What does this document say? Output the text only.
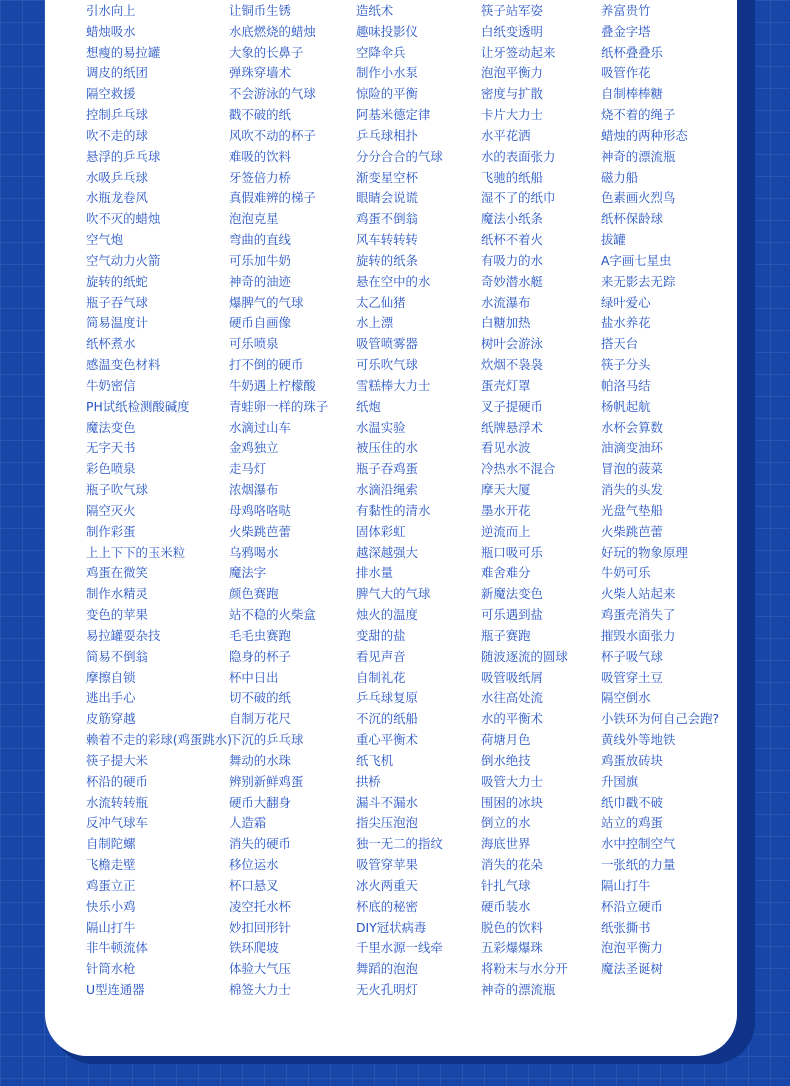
引水向上
蜡烛吸水
想瘦的易拉罐
调皮的纸团
隔空救援
控制乒乓球
吹不走的球
悬浮的乒乓球
水吸乒乓球
水瓶龙卷风
吹不灭的蜡烛
空气炮
空气动力火箭
旋转的纸蛇
瓶子吞气球
简易温度计
纸杯煮水
感温变色材料
牛奶密信
PH试纸检测酸碱度
魔法变色
无字天书
彩色喷泉
瓶子吹气球
隔空灭火
制作彩蛋
上上下下的玉米粒
鸡蛋在微笑
制作水精灵
变色的苹果
易拉罐耍杂技
简易不倒翁
摩擦自锁
逃出手心
皮筋穿越
赖着不走的彩球(鸡蛋跳水)
筷子提大米
杯沿的硬币
水流转转瓶
反冲气球车
自制陀螺
飞檐走壁
鸡蛋立正
快乐小鸡
隔山打牛
非牛顿流体
针筒水枪
U型连通器
让铜币生锈
水底燃烧的蜡烛
大象的长鼻子
弹珠穿墙术
不会游泳的气球
戳不破的纸
风吹不动的杯子
难吸的饮料
牙签倍力桥
真假难辨的梯子
泡泡克星
弯曲的直线
可乐加牛奶
神奇的油迹
爆脾气的气球
硬币自画像
可乐喷泉
打不倒的硬币
牛奶遇上柠檬酸
青蛙卵一样的珠子
水滴过山车
金鸡独立
走马灯
浓烟瀑布
母鸡咯咯哒
火柴跳芭蕾
乌鸦喝水
魔法字
颜色赛跑
站不稳的火柴盒
毛毛虫赛跑
隐身的杯子
杯中日出
切不破的纸
自制万花尺
下沉的乒乓球
舞动的水珠
辨别新鲜鸡蛋
硬币大翻身
人造霜
消失的硬币
移位运水
杯口悬叉
凌空托水杯
妙扣回形针
铁环爬坡
体验大气压
棉签大力士
造纸术
趣味投影仪
空降伞兵
制作小水泵
惊险的平衡
阿基米德定律
乒乓球相扑
分分合合的气球
渐变星空杯
眼睛会说谎
鸡蛋不倒翁
风车转转转
旋转的纸条
悬在空中的水
太乙仙猪
水上漂
吸管喷雾器
可乐吹气球
雪糕棒大力士
纸炮
水温实验
被压住的水
瓶子吞鸡蛋
水滴沿绳索
有黏性的清水
固体彩虹
越深越强大
排水量
脾气大的气球
烛火的温度
变甜的盐
看见声音
自制礼花
乒乓球复原
不沉的纸船
重心平衡术
纸飞机
拱桥
漏斗不漏水
指尖压泡泡
独一无二的指纹
吸管穿苹果
冰火两重天
杯底的秘密
DIY冠状病毒
千里水源一线牵
舞蹈的泡泡
无火孔明灯
筷子站军姿
白纸变透明
让牙签动起来
泡泡平衡力
密度与扩散
卡片大力士
水平花洒
水的表面张力
飞驰的纸船
湿不了的纸巾
魔法小纸条
纸杯不着火
有吸力的水
奇妙潜水艇
水流瀑布
白糖加热
树叶会游泳
炊烟不袅袅
蛋壳灯罩
叉子提硬币
纸牌悬浮术
看见水波
冷热水不混合
摩天大厦
墨水开花
逆流而上
瓶口吸可乐
难舍难分
新魔法变色
可乐遇到盐
瓶子赛跑
随波逐流的圆球
吸管吸纸屑
水往高处流
水的平衡术
荷塘月色
倒水绝技
吸管大力士
围困的冰块
倒立的水
海底世界
消失的花朵
针扎气球
硬币装水
脱色的饮料
五彩爆爆珠
将粉末与水分开
神奇的漂流瓶
养富贵竹
叠金字塔
纸杯叠叠乐
吸管作花
自制棒棒糖
烧不着的绳子
蜡烛的两种形态
神奇的漂流瓶
磁力船
色素画火烈鸟
纸杯保龄球
拔罐
A字画七星虫
来无影去无踪
绿叶爱心
盐水养花
搭天台
筷子分头
帕洛马结
杨帆起航
水杯会算数
油滴变油环
冒泡的菠菜
消失的头发
光盘气垫船
火柴跳芭蕾
好玩的物象原理
牛奶可乐
火柴人站起来
鸡蛋壳消失了
摧毁水面张力
杯子吸气球
吸管穿土豆
隔空倒水
小铁环为何自己会跑?
黄线外等地铁
鸡蛋放砖块
升国旗
纸巾戳不破
站立的鸡蛋
水中控制空气
一张纸的力量
隔山打牛
杯沿立硬币
纸张撕书
泡泡平衡力
魔法圣诞树
